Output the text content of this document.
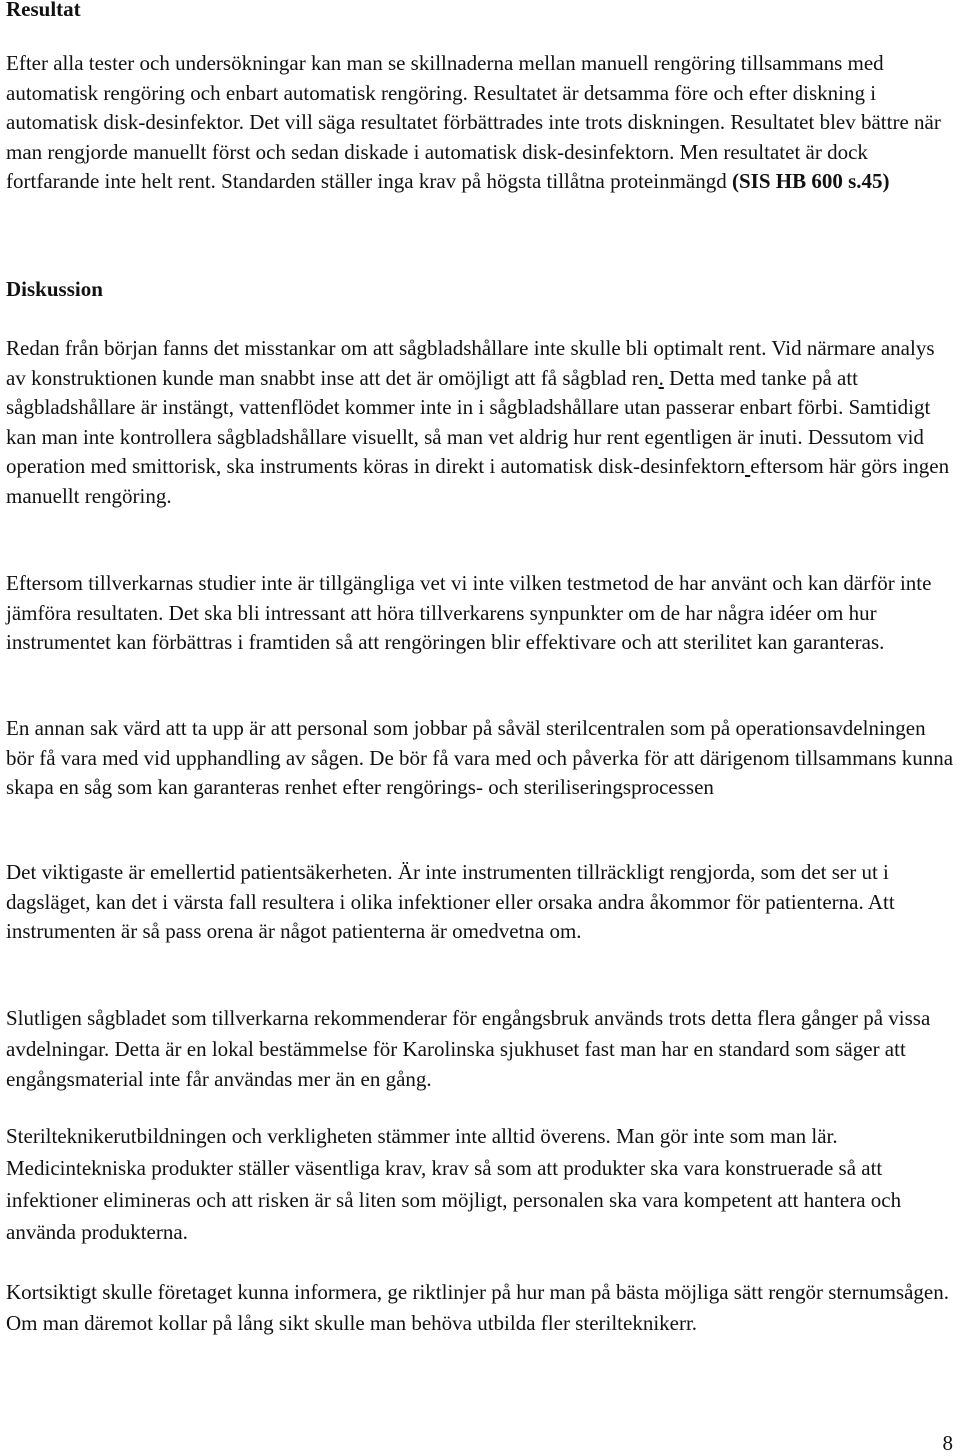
Resultat

Efter alla tester och undersökningar kan man se skillnaderna mellan manuell rengöring tillsammans med automatisk rengöring och enbart automatisk rengöring. Resultatet är detsamma före och efter diskning i automatisk disk-desinfektor. Det vill säga resultatet förbättrades inte trots diskningen. Resultatet blev bättre när man rengjorde manuellt först och sedan diskade i automatisk disk-desinfektorn. Men resultatet är dock fortfarande inte helt rent. Standarden ställer inga krav på högsta tillåtna proteinmängd (SIS HB 600 s.45)

Diskussion

Redan från början fanns det misstankar om att sågbladshållare inte skulle bli optimalt rent. Vid närmare analys av konstruktionen kunde man snabbt inse att det är omöjligt att få sågblad ren. Detta med tanke på att sågbladshållare är instängt, vattenflödet kommer inte in i sågbladshållare utan passerar enbart förbi. Samtidigt kan man inte kontrollera sågbladshållare visuellt, så man vet aldrig hur rent egentligen är inuti. Dessutom vid operation med smittorisk, ska instruments köras in direkt i automatisk disk-desinfektorn eftersom här görs ingen manuellt rengöring.

Eftersom tillverkarnas studier inte är tillgängliga vet vi inte vilken testmetod de har använt och kan därför inte jämföra resultaten. Det ska bli intressant att höra tillverkarens synpunkter om de har några idéer om hur instrumentet kan förbättras i framtiden så att rengöringen blir effektivare och att sterilitet kan garanteras.

En annan sak värd att ta upp är att personal som jobbar på såväl sterilcentralen som på operationsavdelningen bör få vara med vid upphandling av sågen. De bör få vara med och påverka för att därigenom tillsammans kunna skapa en såg som kan garanteras renhet efter rengörings- och steriliseringsprocessen

Det viktigaste är emellertid patientsäkerheten. Är inte instrumenten tillräckligt rengjorda, som det ser ut i dagsläget, kan det i värsta fall resultera i olika infektioner eller orsaka andra åkommor för patienterna. Att instrumenten är så pass orena är något patienterna är omedvetna om.

Slutligen sågbladet som tillverkarna rekommenderar för engångsbruk används trots detta flera gånger på vissa avdelningar. Detta är en lokal bestämmelse för Karolinska sjukhuset fast man har en standard som säger att engångsmaterial inte får användas mer än en gång.

Sterilteknikerutbildningen och verkligheten stämmer inte alltid överens. Man gör inte som man lär. Medicintekniska produkter ställer väsentliga krav, krav så som att produkter ska vara konstruerade så att infektioner elimineras och att risken är så liten som möjligt, personalen ska vara kompetent att hantera och använda produkterna.

Kortsiktigt skulle företaget kunna informera, ge riktlinjer på hur man på bästa möjliga sätt rengör sternumsågen. Om man däremot kollar på lång sikt skulle man behöva utbilda fler sterilteknikerr.

8
